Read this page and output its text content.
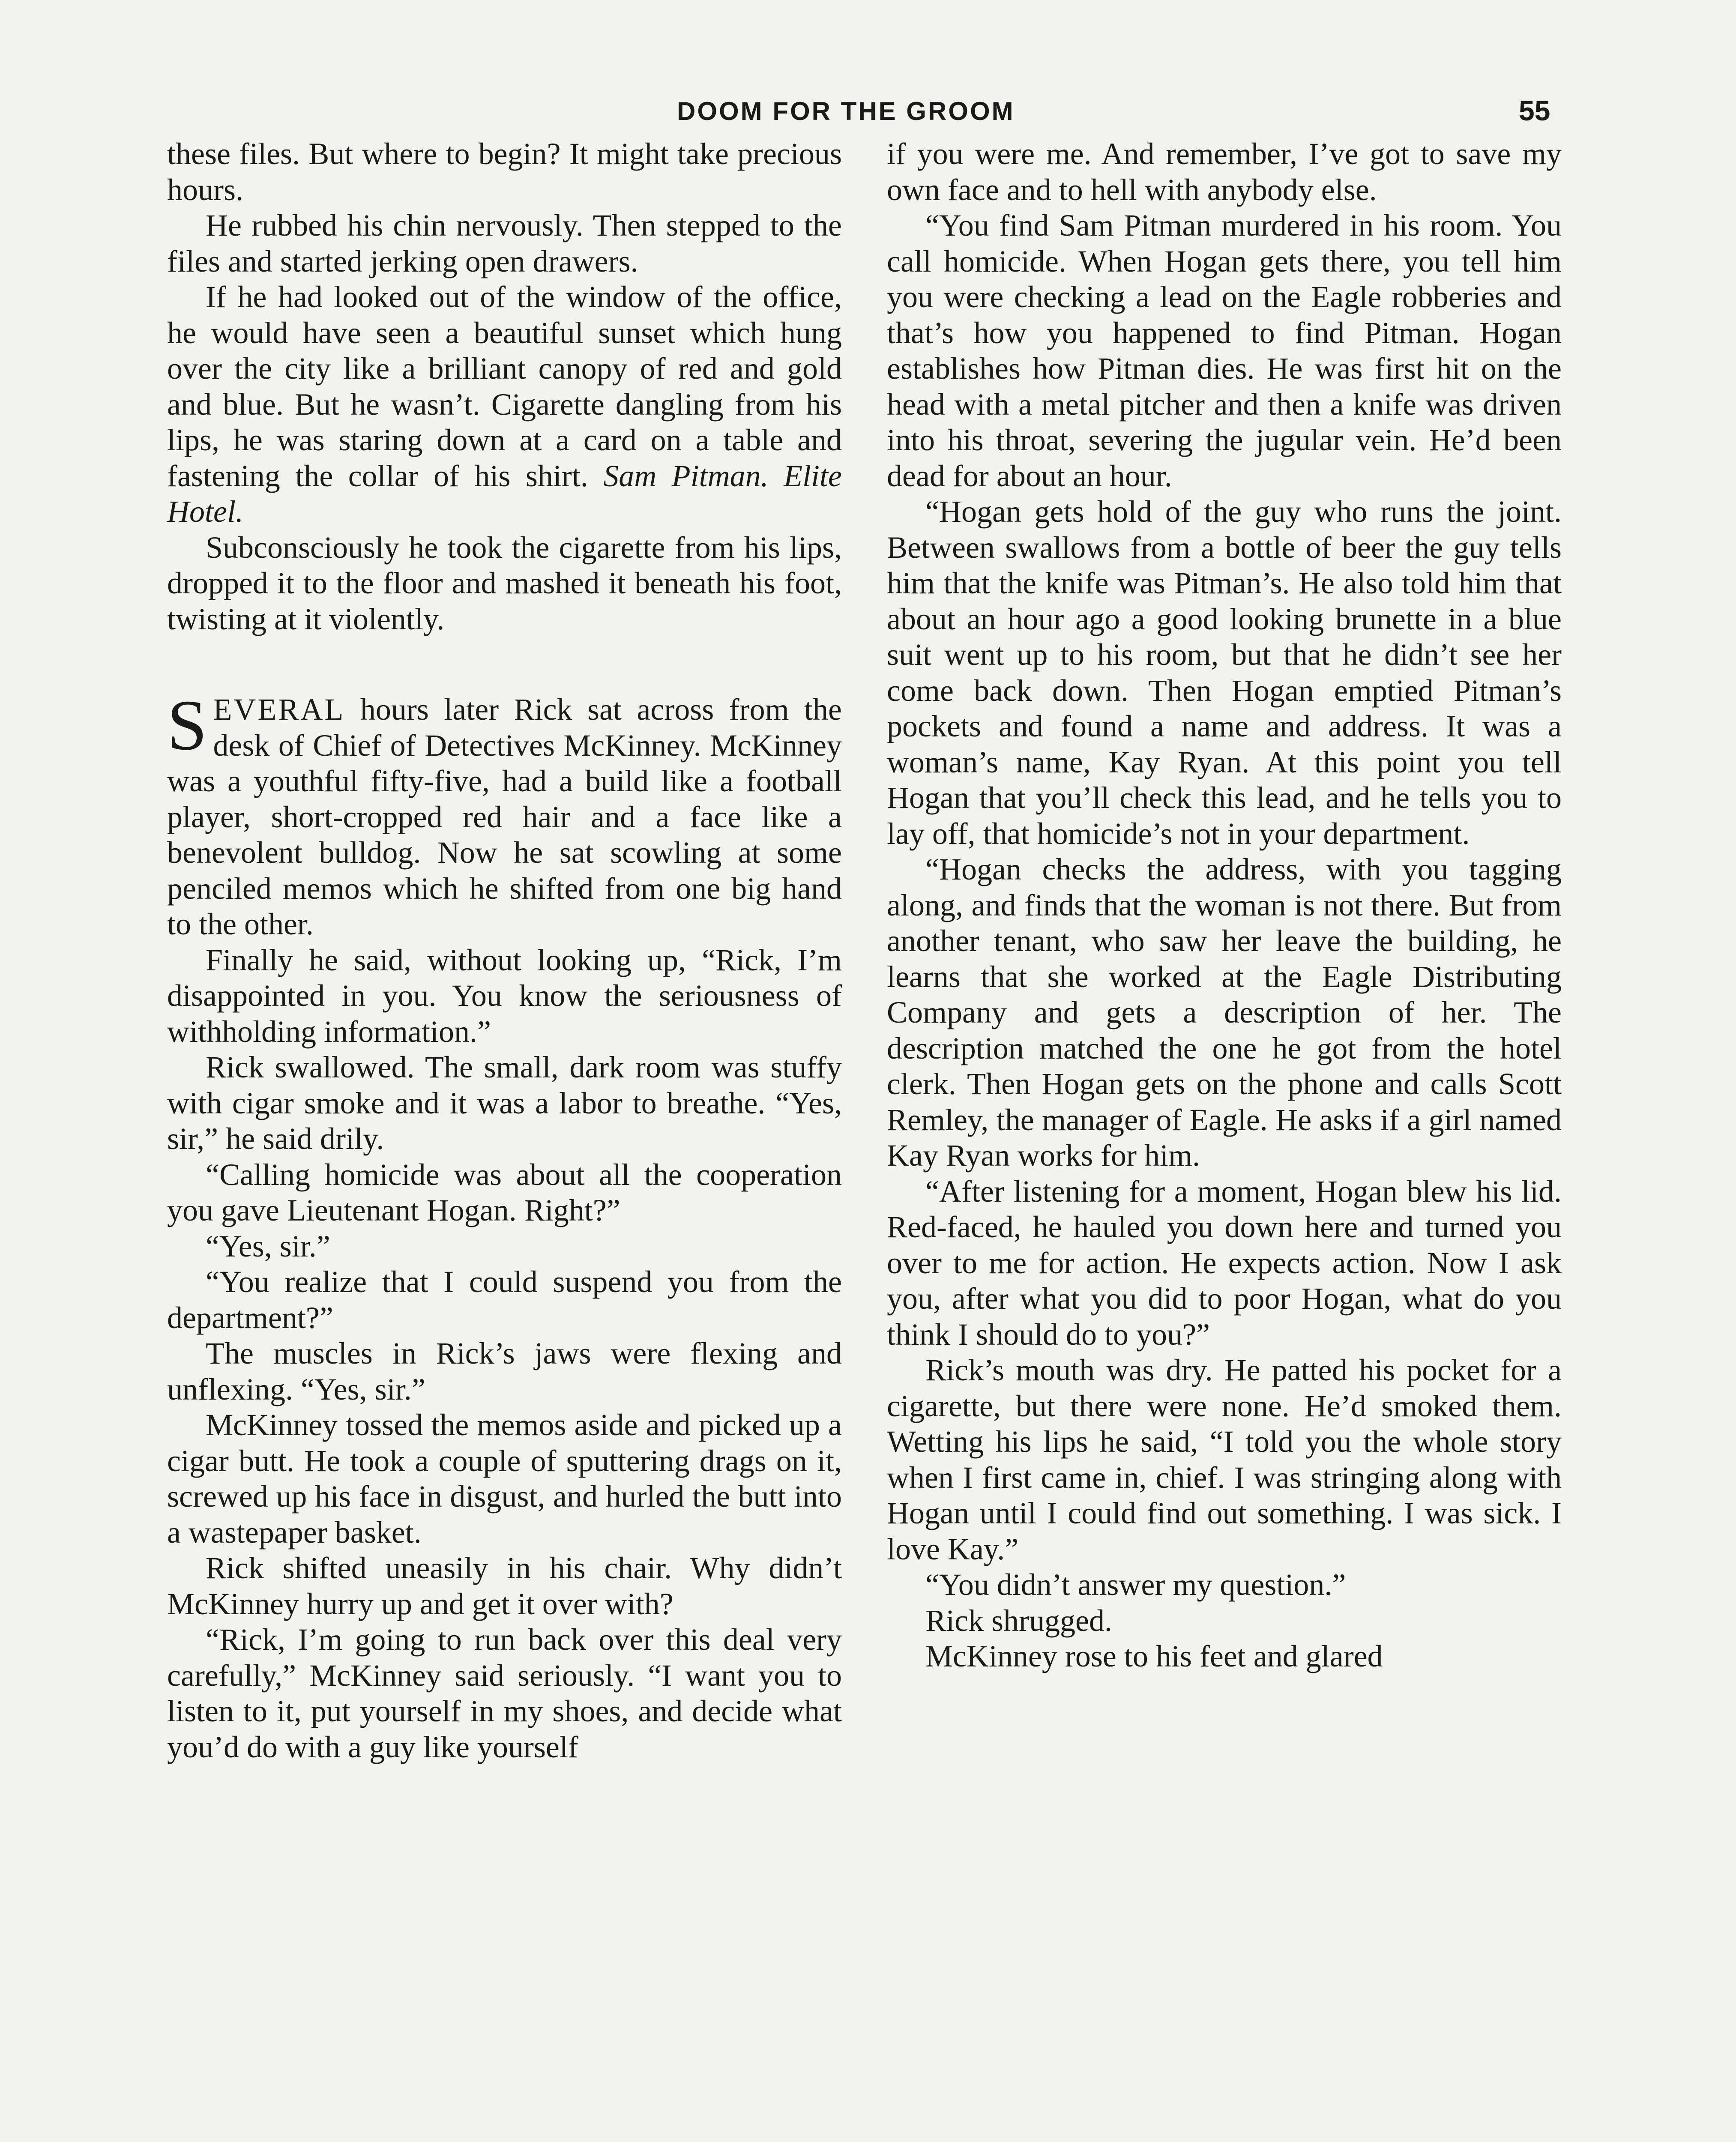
DOOM FOR THE GROOM	55

these files. But where to begin? It might take precious hours.

He rubbed his chin nervously. Then stepped to the files and started jerking open drawers.

If he had looked out of the window of the office, he would have seen a beautiful sunset which hung over the city like a brilliant canopy of red and gold and blue. But he wasn’t. Cigarette dangling from his lips, he was staring down at a card on a table and fastening the collar of his shirt. Sam Pitman. Elite Hotel.

Subconsciously he took the cigarette from his lips, dropped it to the floor and mashed it beneath his foot, twisting at it violently.

SEVERAL hours later Rick sat across from the desk of Chief of Detectives McKinney. McKinney was a youthful fifty-five, had a build like a football player, short-cropped red hair and a face like a benevolent bulldog. Now he sat scowling at some penciled memos which he shifted from one big hand to the other.

Finally he said, without looking up, “Rick, I’m disappointed in you. You know the seriousness of withholding information.”

Rick swallowed. The small, dark room was stuffy with cigar smoke and it was a labor to breathe. “Yes, sir,” he said drily.

“Calling homicide was about all the cooperation you gave Lieutenant Hogan. Right?”

“Yes, sir.”

“You realize that I could suspend you from the department?”

The muscles in Rick’s jaws were flexing and unflexing. “Yes, sir.”

McKinney tossed the memos aside and picked up a cigar butt. He took a couple of sputtering drags on it, screwed up his face in disgust, and hurled the butt into a wastepaper basket.

Rick shifted uneasily in his chair. Why didn’t McKinney hurry up and get it over with?

“Rick, I’m going to run back over this deal very carefully,” McKinney said seriously. “I want you to listen to it, put yourself in my shoes, and decide what you’d do with a guy like yourself

if you were me. And remember, I’ve got to save my own face and to hell with anybody else.

“You find Sam Pitman murdered in his room. You call homicide. When Hogan gets there, you tell him you were checking a lead on the Eagle robberies and that’s how you happened to find Pitman. Hogan establishes how Pitman dies. He was first hit on the head with a metal pitcher and then a knife was driven into his throat, severing the jugular vein. He’d been dead for about an hour.

“Hogan gets hold of the guy who runs the joint. Between swallows from a bottle of beer the guy tells him that the knife was Pitman’s. He also told him that about an hour ago a good looking brunette in a blue suit went up to his room, but that he didn’t see her come back down. Then Hogan emptied Pitman’s pockets and found a name and address. It was a woman’s name, Kay Ryan. At this point you tell Hogan that you’ll check this lead, and he tells you to lay off, that homicide’s not in your department.

“Hogan checks the address, with you tagging along, and finds that the woman is not there. But from another tenant, who saw her leave the building, he learns that she worked at the Eagle Distributing Company and gets a description of her. The description matched the one he got from the hotel clerk. Then Hogan gets on the phone and calls Scott Remley, the manager of Eagle. He asks if a girl named Kay Ryan works for him.

“After listening for a moment, Hogan blew his lid. Red-faced, he hauled you down here and turned you over to me for action. He expects action. Now I ask you, after what you did to poor Hogan, what do you think I should do to you?”

Rick’s mouth was dry. He patted his pocket for a cigarette, but there were none. He’d smoked them. Wetting his lips he said, “I told you the whole story when I first came in, chief. I was stringing along with Hogan until I could find out something. I was sick. I love Kay.”

“You didn’t answer my question.”

Rick shrugged.

McKinney rose to his feet and glared
